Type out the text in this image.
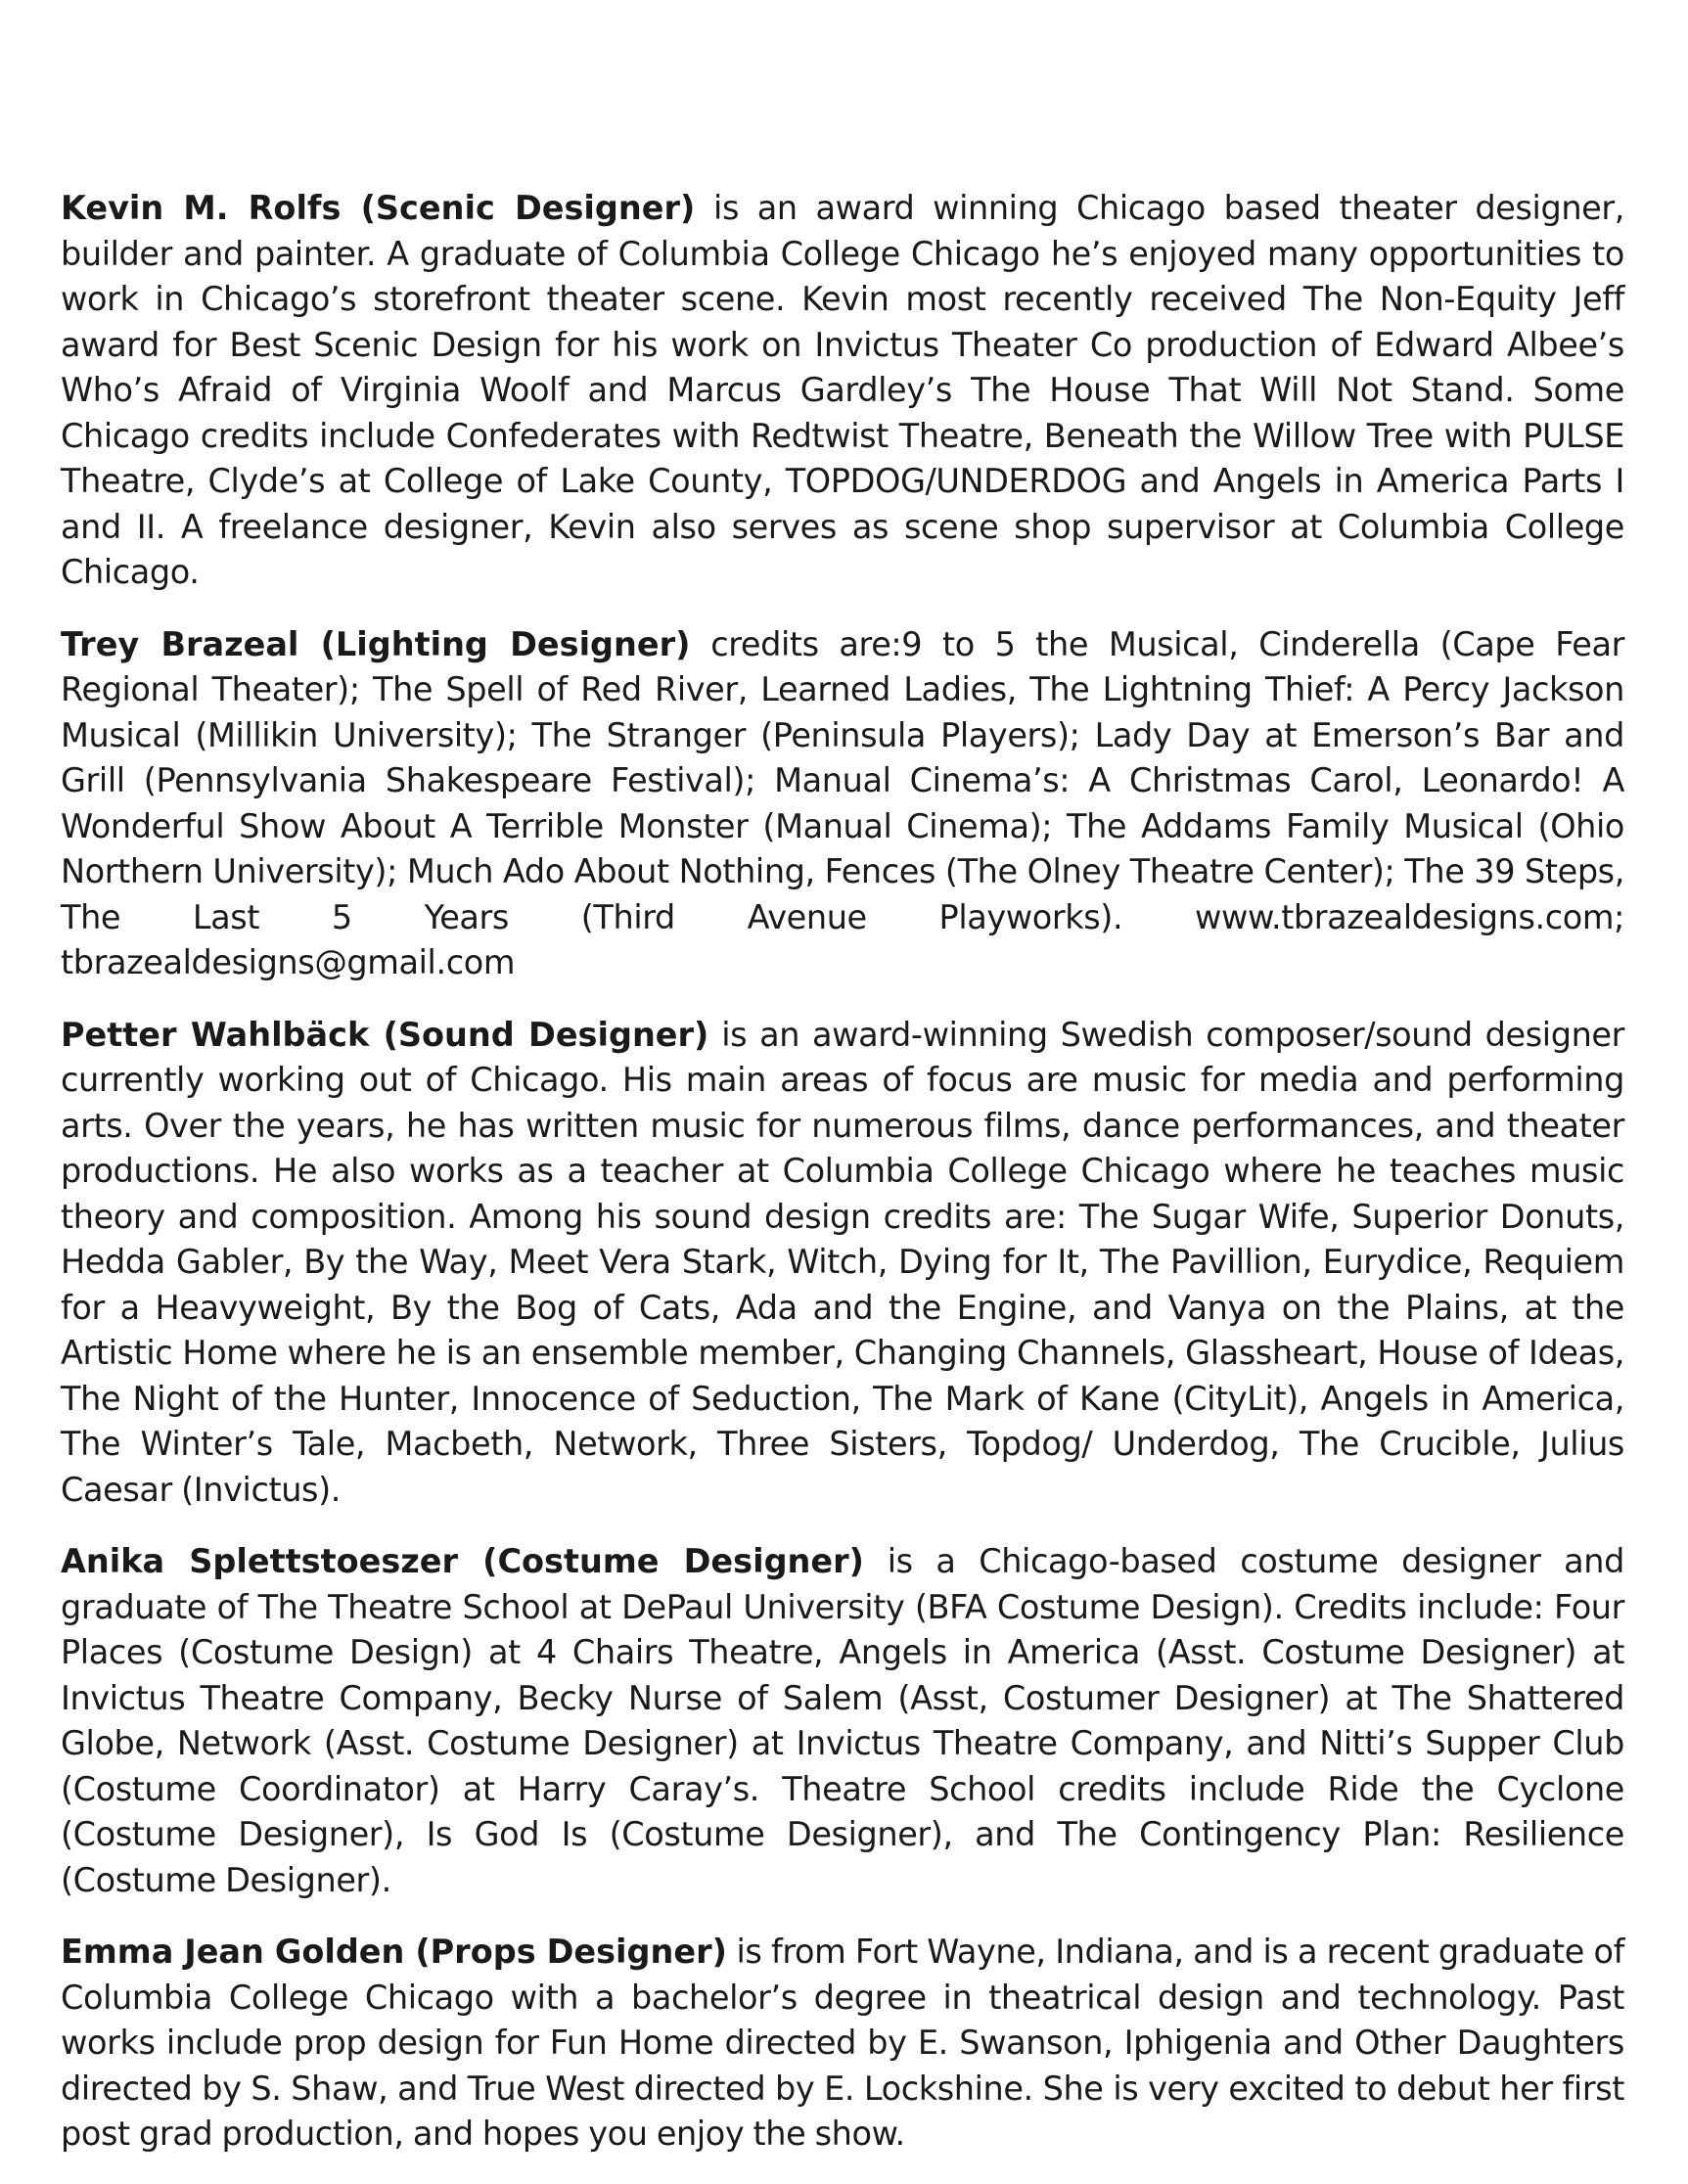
Kevin M. Rolfs (Scenic Designer) is an award winning Chicago based theater designer, builder and painter. A graduate of Columbia College Chicago he’s enjoyed many opportunities to work in Chicago’s storefront theater scene. Kevin most recently received The Non-Equity Jeff award for Best Scenic Design for his work on Invictus Theater Co production of Edward Albee’s Who’s Afraid of Virginia Woolf and Marcus Gardley’s The House That Will Not Stand. Some Chicago credits include Confederates with Redtwist Theatre, Beneath the Willow Tree with PULSE Theatre, Clyde’s at College of Lake County, TOPDOG/UNDERDOG and Angels in America Parts I and II. A freelance designer, Kevin also serves as scene shop supervisor at Columbia College Chicago.

Trey Brazeal (Lighting Designer) credits are:9 to 5 the Musical, Cinderella (Cape Fear Regional Theater); The Spell of Red River, Learned Ladies, The Lightning Thief: A Percy Jackson Musical (Millikin University); The Stranger (Peninsula Players); Lady Day at Emerson’s Bar and Grill (Pennsylvania Shakespeare Festival); Manual Cinema’s: A Christmas Carol, Leonardo! A Wonderful Show About A Terrible Monster (Manual Cinema); The Addams Family Musical (Ohio Northern University); Much Ado About Nothing, Fences (The Olney Theatre Center); The 39 Steps, The Last 5 Years (Third Avenue Playworks). www.tbrazealdesigns.com; tbrazealdesigns@gmail.com

Petter Wahlbäck (Sound Designer) is an award-winning Swedish composer/sound designer currently working out of Chicago. His main areas of focus are music for media and performing arts. Over the years, he has written music for numerous films, dance performances, and theater productions. He also works as a teacher at Columbia College Chicago where he teaches music theory and composition. Among his sound design credits are: The Sugar Wife, Superior Donuts, Hedda Gabler, By the Way, Meet Vera Stark, Witch, Dying for It, The Pavillion, Eurydice, Requiem for a Heavyweight, By the Bog of Cats, Ada and the Engine, and Vanya on the Plains, at the Artistic Home where he is an ensemble member, Changing Channels, Glassheart, House of Ideas, The Night of the Hunter, Innocence of Seduction, The Mark of Kane (CityLit), Angels in America, The Winter’s Tale, Macbeth, Network, Three Sisters, Topdog/ Underdog, The Crucible, Julius Caesar (Invictus).

Anika Splettstoeszer (Costume Designer) is a Chicago-based costume designer and graduate of The Theatre School at DePaul University (BFA Costume Design). Credits include: Four Places (Costume Design) at 4 Chairs Theatre, Angels in America (Asst. Costume Designer) at Invictus Theatre Company, Becky Nurse of Salem (Asst, Costumer Designer) at The Shattered Globe, Network (Asst. Costume Designer) at Invictus Theatre Company, and Nitti’s Supper Club (Costume Coordinator) at Harry Caray’s. Theatre School credits include Ride the Cyclone (Costume Designer), Is God Is (Costume Designer), and The Contingency Plan: Resilience (Costume Designer).

Emma Jean Golden (Props Designer) is from Fort Wayne, Indiana, and is a recent graduate of Columbia College Chicago with a bachelor’s degree in theatrical design and technology. Past works include prop design for Fun Home directed by E. Swanson, Iphigenia and Other Daughters directed by S. Shaw, and True West directed by E. Lockshine. She is very excited to debut her first post grad production, and hopes you enjoy the show.
